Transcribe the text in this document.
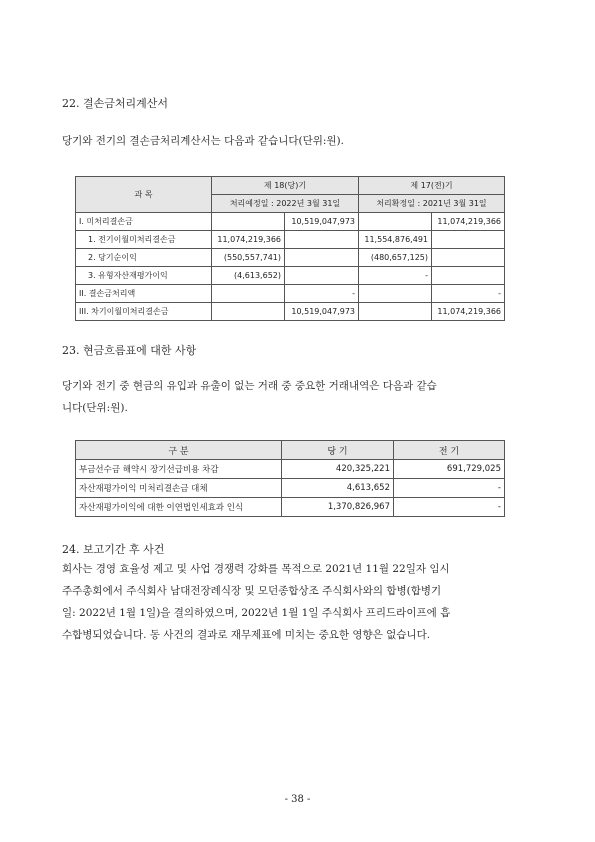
22. 결손금처리계산서
당기와 전기의 결손금처리계산서는 다음과 같습니다(단위:원).
과 목	제 18(당)기		제 17(전)기	
	처리예정일 : 2022년 3월 31일		처리확정일 : 2021년 3월 31일	
I. 미처리결손금		10,519,047,973		11,074,219,366
1. 전기이월미처리결손금	11,074,219,366		11,554,876,491	
2. 당기순이익	(550,557,741)		(480,657,125)	
3. 유형자산재평가이익	(4,613,652)		-	
II. 결손금처리액		-		-
III. 차기이월미처리결손금		10,519,047,973		11,074,219,366
23. 현금흐름표에 대한 사항
당기와 전기 중 현금의 유입과 유출이 없는 거래 중 중요한 거래내역은 다음과 같습
니다(단위:원).
구 분	당 기	전 기
부금선수금 해약시 장기선급비용 차감	420,325,221	691,729,025
자산재평가이익 미처리결손금 대체	4,613,652	-
자산재평가이익에 대한 이연법인세효과 인식	1,370,826,967	-
24. 보고기간 후 사건
회사는 경영 효율성 제고 및 사업 경쟁력 강화를 목적으로 2021년 11월 22일자 임시
주주총회에서 주식회사 남대전장례식장 및 모던종합상조 주식회사와의 합병(합병기
일: 2022년 1월 1일)을 결의하였으며, 2022년 1월 1일 주식회사 프리드라이프에 흡
수합병되었습니다. 동 사건의 결과로 재무제표에 미치는 중요한 영향은 없습니다.
- 38 -
